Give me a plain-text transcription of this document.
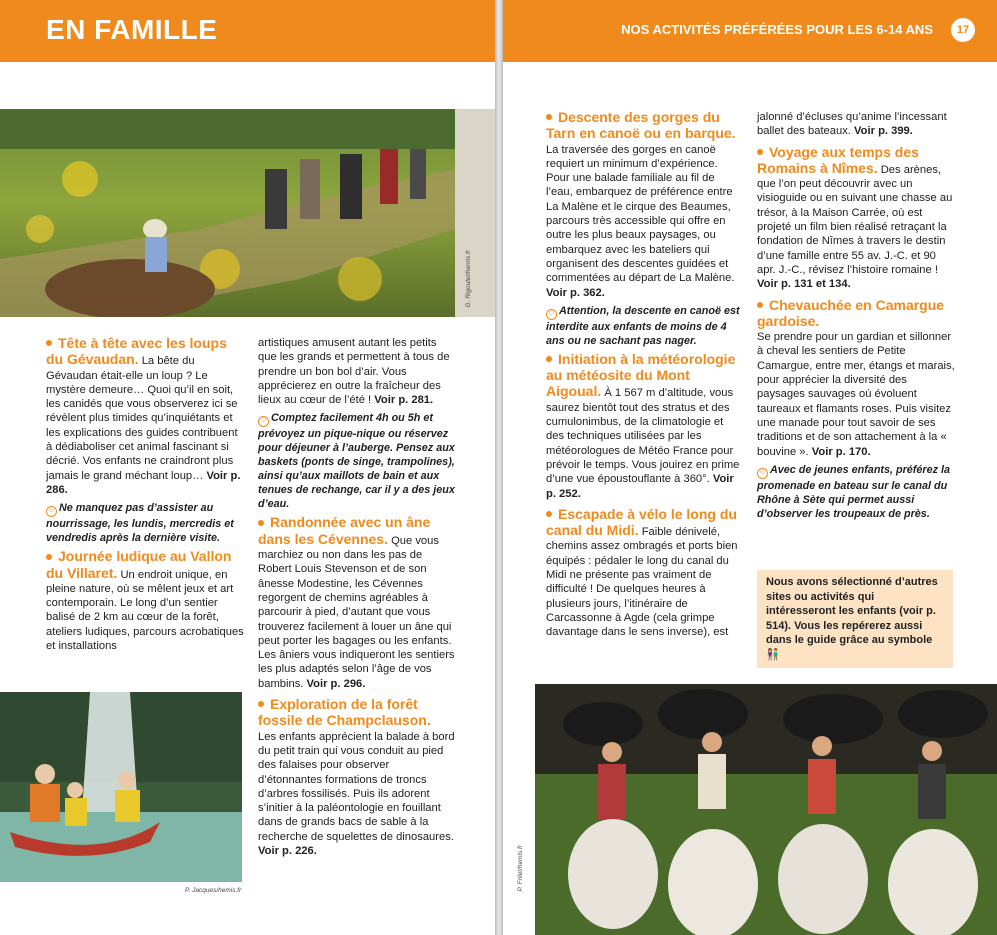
EN FAMILLE
G. Rigoulet/hemis.fr
Tête à tête avec les loups du Gévaudan. La bête du Gévaudan était-elle un loup ? Le mystère demeure… Quoi qu’il en soit, les canidés que vous observerez ici se révèlent plus timides qu’inquiétants et les explications des guides contribuent à dédiaboliser cet animal fascinant si décrié. Vos enfants ne craindront plus jamais le grand méchant loup… Voir p. 286.
☺ Ne manquez pas d’assister au nourrissage, les lundis, mercredis et vendredis après la dernière visite.
Journée ludique au Vallon du Villaret. Un endroit unique, en pleine nature, où se mêlent jeux et art contemporain. Le long d’un sentier balisé de 2 km au cœur de la forêt, ateliers ludiques, parcours acrobatiques et installations
P. Jacques/hemis.fr
artistiques amusent autant les petits que les grands et permettent à tous de prendre un bon bol d’air. Vous apprécierez en outre la fraîcheur des lieux au cœur de l’été ! Voir p. 281.
☺ Comptez facilement 4h ou 5h et prévoyez un pique-nique ou réservez pour déjeuner à l’auberge. Pensez aux baskets (ponts de singe, trampolines), ainsi qu’aux maillots de bain et aux tenues de rechange, car il y a des jeux d’eau.
Randonnée avec un âne dans les Cévennes. Que vous marchiez ou non dans les pas de Robert Louis Stevenson et de son ânesse Modestine, les Cévennes regorgent de chemins agréables à parcourir à pied, d’autant que vous trouverez facilement à louer un âne qui peut porter les bagages ou les enfants. Les âniers vous indiqueront les sentiers les plus adaptés selon l’âge de vos bambins. Voir p. 296.
Exploration de la forêt fossile de Champclauson.
Les enfants apprécient la balade à bord du petit train qui vous conduit au pied des falaises pour observer d’étonnantes formations de troncs d’arbres fossilisés. Puis ils adorent s’initier à la paléontologie en fouillant dans de grands bacs de sable à la recherche de squelettes de dinosaures. Voir p. 226.
NOS ACTIVITÉS PRÉFÉRÉES POUR LES 6-14 ANS	17
P. Frilet/hemis.fr
Descente des gorges du Tarn en canoë ou en barque. La traversée des gorges en canoë requiert un minimum d’expérience. Pour une balade familiale au fil de l’eau, embarquez de préférence entre La Malène et le cirque des Beaumes, parcours très accessible qui offre en outre les plus beaux paysages, ou embarquez avec les bateliers qui organisent des descentes guidées et commentées au départ de La Malène. Voir p. 362.
☺ Attention, la descente en canoë est interdite aux enfants de moins de 4 ans ou ne sachant pas nager.
Initiation à la météorologie au météosite du Mont Aigoual. À 1 567 m d’altitude, vous saurez bientôt tout des stratus et des cumulonimbus, de la climatologie et des techniques utilisées par les météorologues de Météo France pour prévoir le temps. Vous jouirez en prime d’une vue époustouflante à 360°. Voir p. 252.
Escapade à vélo le long du canal du Midi. Faible dénivelé, chemins assez ombragés et ports bien équipés : pédaler le long du canal du Midi ne présente pas vraiment de difficulté ! De quelques heures à plusieurs jours, l’itinéraire de Carcassonne à Agde (cela grimpe davantage dans le sens inverse), est
jalonné d’écluses qu’anime l’incessant ballet des bateaux. Voir p. 399.
Voyage aux temps des Romains à Nîmes. Des arènes, que l’on peut découvrir avec un visioguide ou en suivant une chasse au trésor, à la Maison Carrée, où est projeté un film bien réalisé retraçant la fondation de Nîmes à travers le destin d’une famille entre 55 av. J.-C. et 90 apr. J.-C., révisez l’histoire romaine ! Voir p. 131 et 134.
Chevauchée en Camargue gardoise.
Se prendre pour un gardian et sillonner à cheval les sentiers de Petite Camargue, entre mer, étangs et marais, pour apprécier la diversité des paysages sauvages où évoluent taureaux et flamants roses. Puis visitez une manade pour tout savoir de ses traditions et de son attachement à la « bouvine ». Voir p. 170.
☺ Avec de jeunes enfants, préférez la promenade en bateau sur le canal du Rhône à Sète qui permet aussi d’observer les troupeaux de près.
Nous avons sélectionné d’autres sites ou activités qui intéresseront les enfants (voir p. 514). Vous les repérerez aussi dans le guide grâce au symbole 👫
